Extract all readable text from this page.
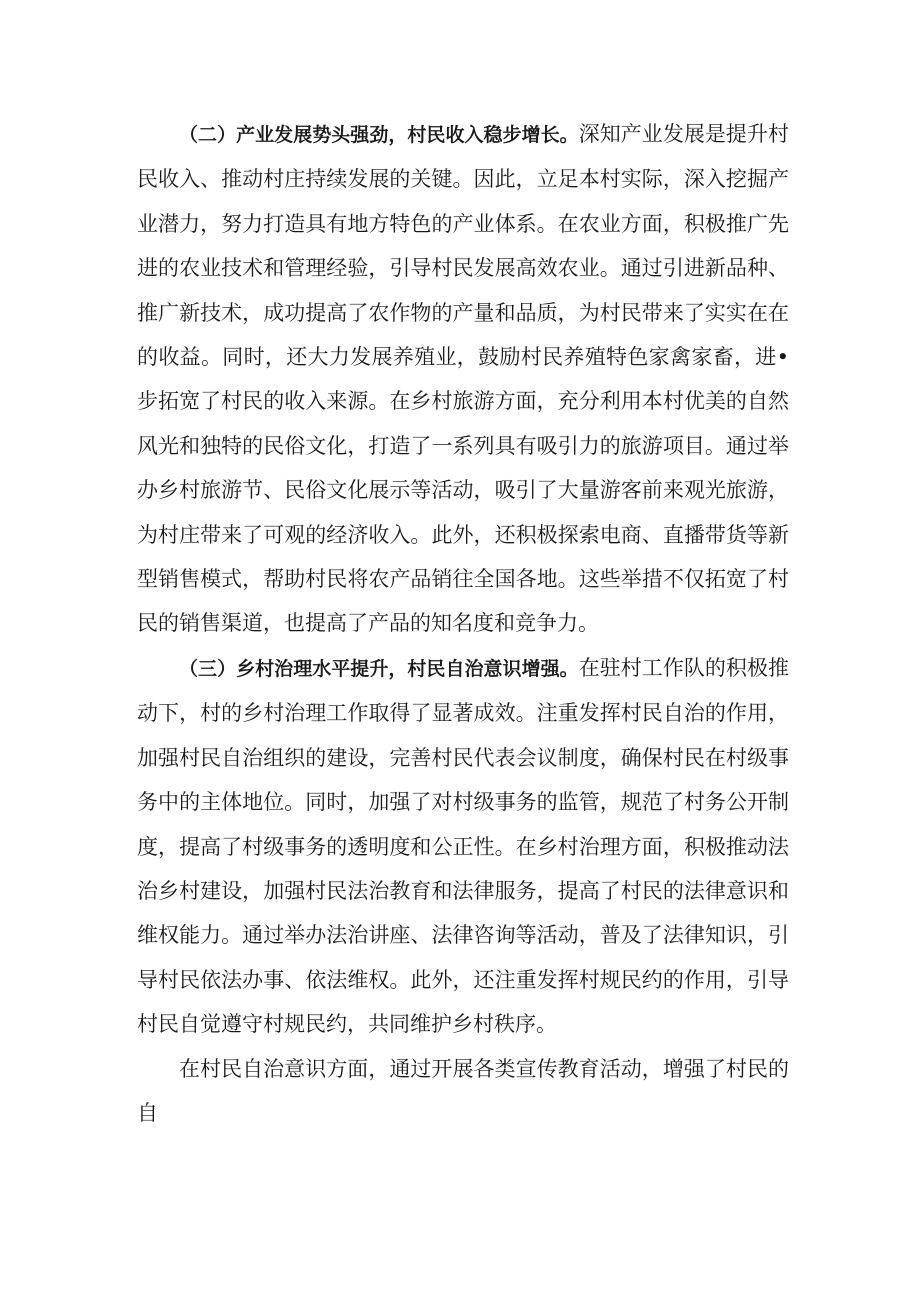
（二）产业发展势头强劲，村民收入稳步增长。深知产业发展是提升村民收入、推动村庄持续发展的关键。因此，立足本村实际，深入挖掘产业潜力，努力打造具有地方特色的产业体系。在农业方面，积极推广先进的农业技术和管理经验，引导村民发展高效农业。通过引进新品种、推广新技术，成功提高了农作物的产量和品质，为村民带来了实实在在的收益。同时，还大力发展养殖业，鼓励村民养殖特色家禽家畜，进•步拓宽了村民的收入来源。在乡村旅游方面，充分利用本村优美的自然风光和独特的民俗文化，打造了一系列具有吸引力的旅游项目。通过举办乡村旅游节、民俗文化展示等活动，吸引了大量游客前来观光旅游，为村庄带来了可观的经济收入。此外，还积极探索电商、直播带货等新型销售模式，帮助村民将农产品销往全国各地。这些举措不仅拓宽了村民的销售渠道，也提高了产品的知名度和竞争力。

（三）乡村治理水平提升，村民自治意识增强。在驻村工作队的积极推动下，村的乡村治理工作取得了显著成效。注重发挥村民自治的作用，加强村民自治组织的建设，完善村民代表会议制度，确保村民在村级事务中的主体地位。同时，加强了对村级事务的监管，规范了村务公开制度，提高了村级事务的透明度和公正性。在乡村治理方面，积极推动法治乡村建设，加强村民法治教育和法律服务，提高了村民的法律意识和维权能力。通过举办法治讲座、法律咨询等活动，普及了法律知识，引导村民依法办事、依法维权。此外，还注重发挥村规民约的作用，引导村民自觉遵守村规民约，共同维护乡村秩序。

在村民自治意识方面，通过开展各类宣传教育活动，增强了村民的自
